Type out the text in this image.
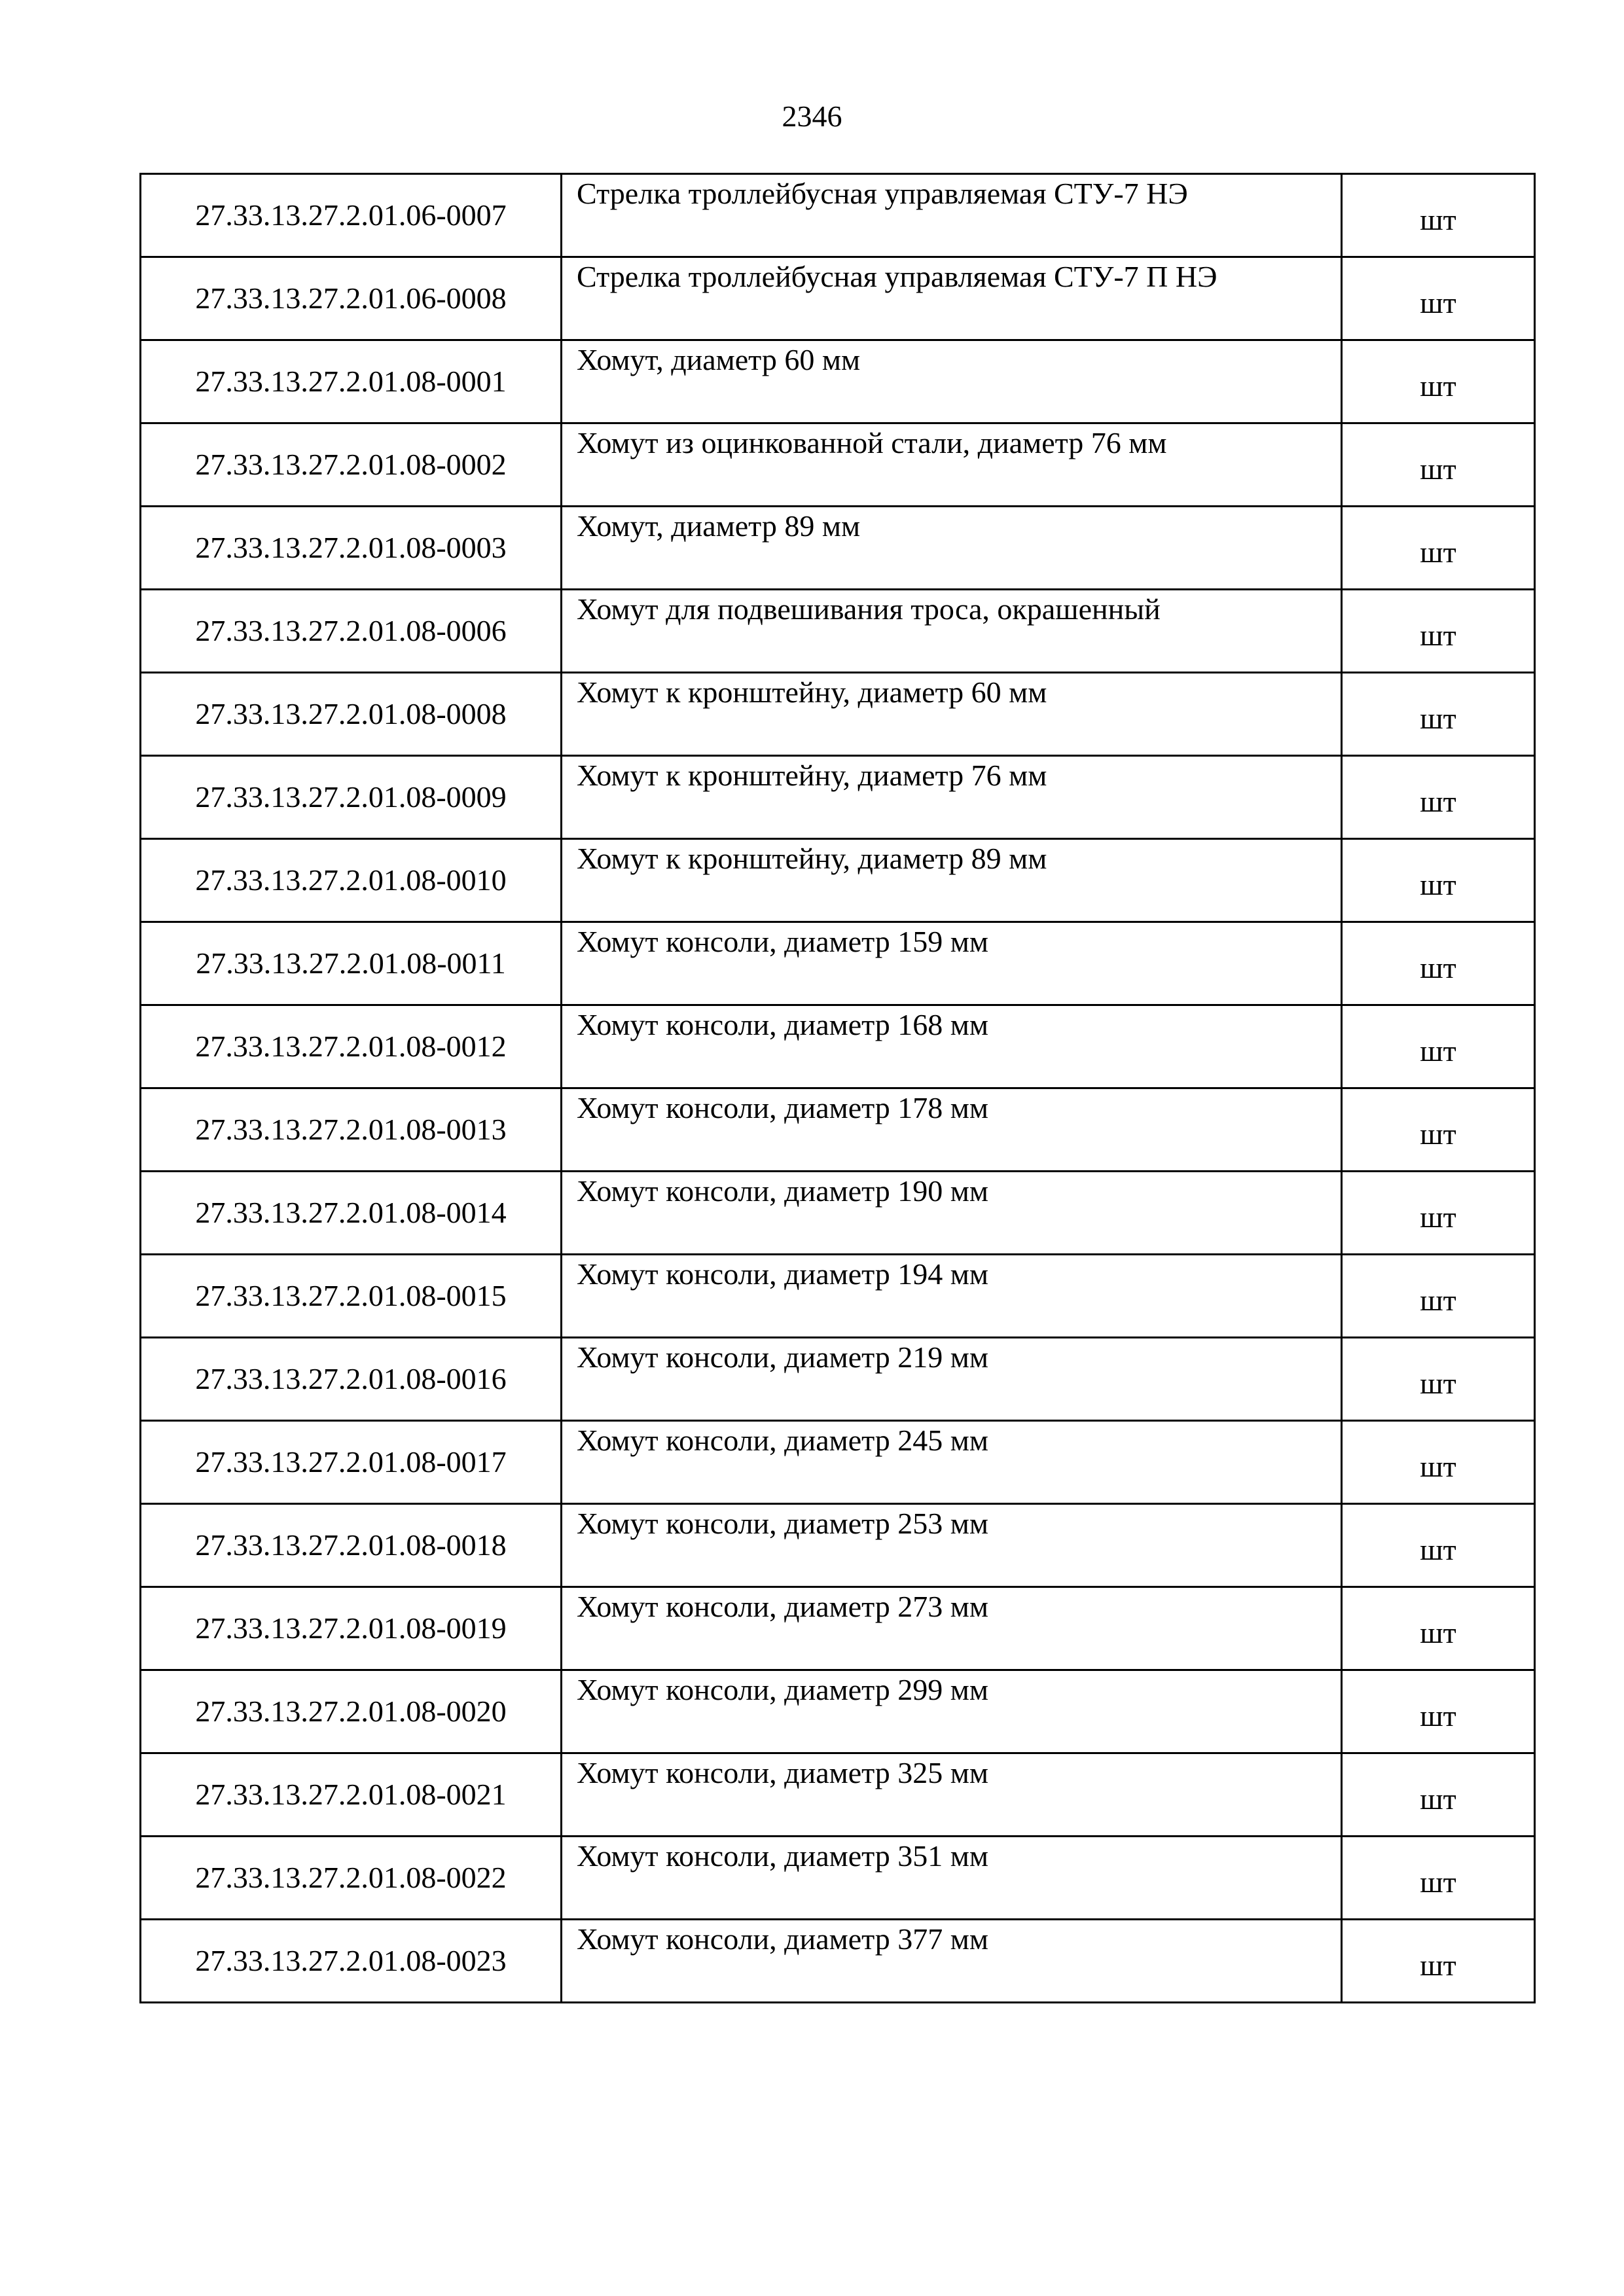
2346
27.33.13.27.2.01.06-0007	Стрелка троллейбусная управляемая СТУ-7 НЭ	шт
27.33.13.27.2.01.06-0008	Стрелка троллейбусная управляемая СТУ-7 П НЭ	шт
27.33.13.27.2.01.08-0001	Хомут, диаметр 60 мм	шт
27.33.13.27.2.01.08-0002	Хомут из оцинкованной стали, диаметр 76 мм	шт
27.33.13.27.2.01.08-0003	Хомут, диаметр 89 мм	шт
27.33.13.27.2.01.08-0006	Хомут для подвешивания троса, окрашенный	шт
27.33.13.27.2.01.08-0008	Хомут к кронштейну, диаметр 60 мм	шт
27.33.13.27.2.01.08-0009	Хомут к кронштейну, диаметр 76 мм	шт
27.33.13.27.2.01.08-0010	Хомут к кронштейну, диаметр 89 мм	шт
27.33.13.27.2.01.08-0011	Хомут консоли, диаметр 159 мм	шт
27.33.13.27.2.01.08-0012	Хомут консоли, диаметр 168 мм	шт
27.33.13.27.2.01.08-0013	Хомут консоли, диаметр 178 мм	шт
27.33.13.27.2.01.08-0014	Хомут консоли, диаметр 190 мм	шт
27.33.13.27.2.01.08-0015	Хомут консоли, диаметр 194 мм	шт
27.33.13.27.2.01.08-0016	Хомут консоли, диаметр 219 мм	шт
27.33.13.27.2.01.08-0017	Хомут консоли, диаметр 245 мм	шт
27.33.13.27.2.01.08-0018	Хомут консоли, диаметр 253 мм	шт
27.33.13.27.2.01.08-0019	Хомут консоли, диаметр 273 мм	шт
27.33.13.27.2.01.08-0020	Хомут консоли, диаметр 299 мм	шт
27.33.13.27.2.01.08-0021	Хомут консоли, диаметр 325 мм	шт
27.33.13.27.2.01.08-0022	Хомут консоли, диаметр 351 мм	шт
27.33.13.27.2.01.08-0023	Хомут консоли, диаметр 377 мм	шт
